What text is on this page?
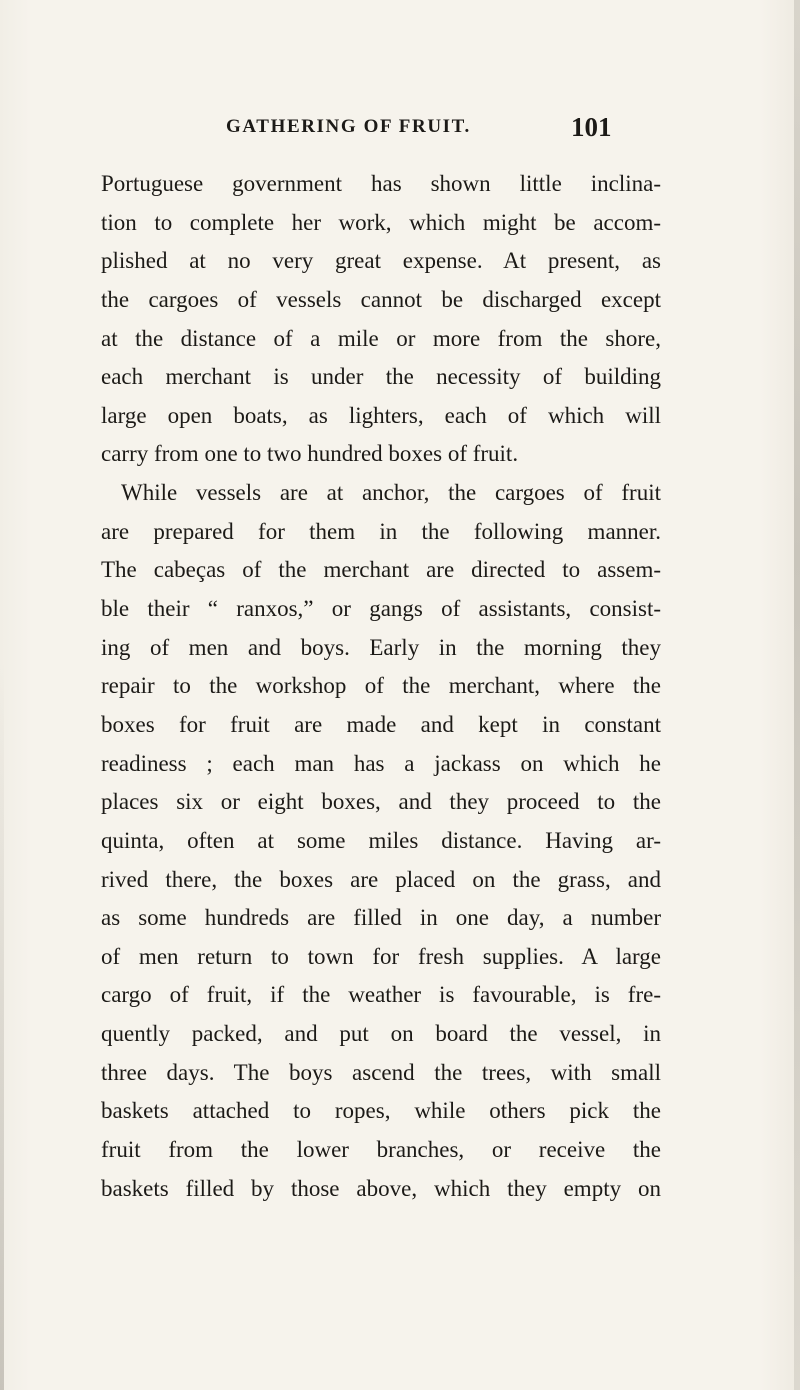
GATHERING OF FRUIT.	101
Portuguese government has shown little inclina-
tion to complete her work, which might be accom-
plished at no very great expense. At present, as
the cargoes of vessels cannot be discharged except
at the distance of a mile or more from the shore,
each merchant is under the necessity of building
large open boats, as lighters, each of which will
carry from one to two hundred boxes of fruit.
While vessels are at anchor, the cargoes of fruit
are prepared for them in the following manner.
The cabeças of the merchant are directed to assem-
ble their “ ranxos,” or gangs of assistants, consist-
ing of men and boys. Early in the morning they
repair to the workshop of the merchant, where the
boxes for fruit are made and kept in constant
readiness ; each man has a jackass on which he
places six or eight boxes, and they proceed to the
quinta, often at some miles distance. Having ar-
rived there, the boxes are placed on the grass, and
as some hundreds are filled in one day, a number
of men return to town for fresh supplies. A large
cargo of fruit, if the weather is favourable, is fre-
quently packed, and put on board the vessel, in
three days. The boys ascend the trees, with small
baskets attached to ropes, while others pick the
fruit from the lower branches, or receive the
baskets filled by those above, which they empty on
